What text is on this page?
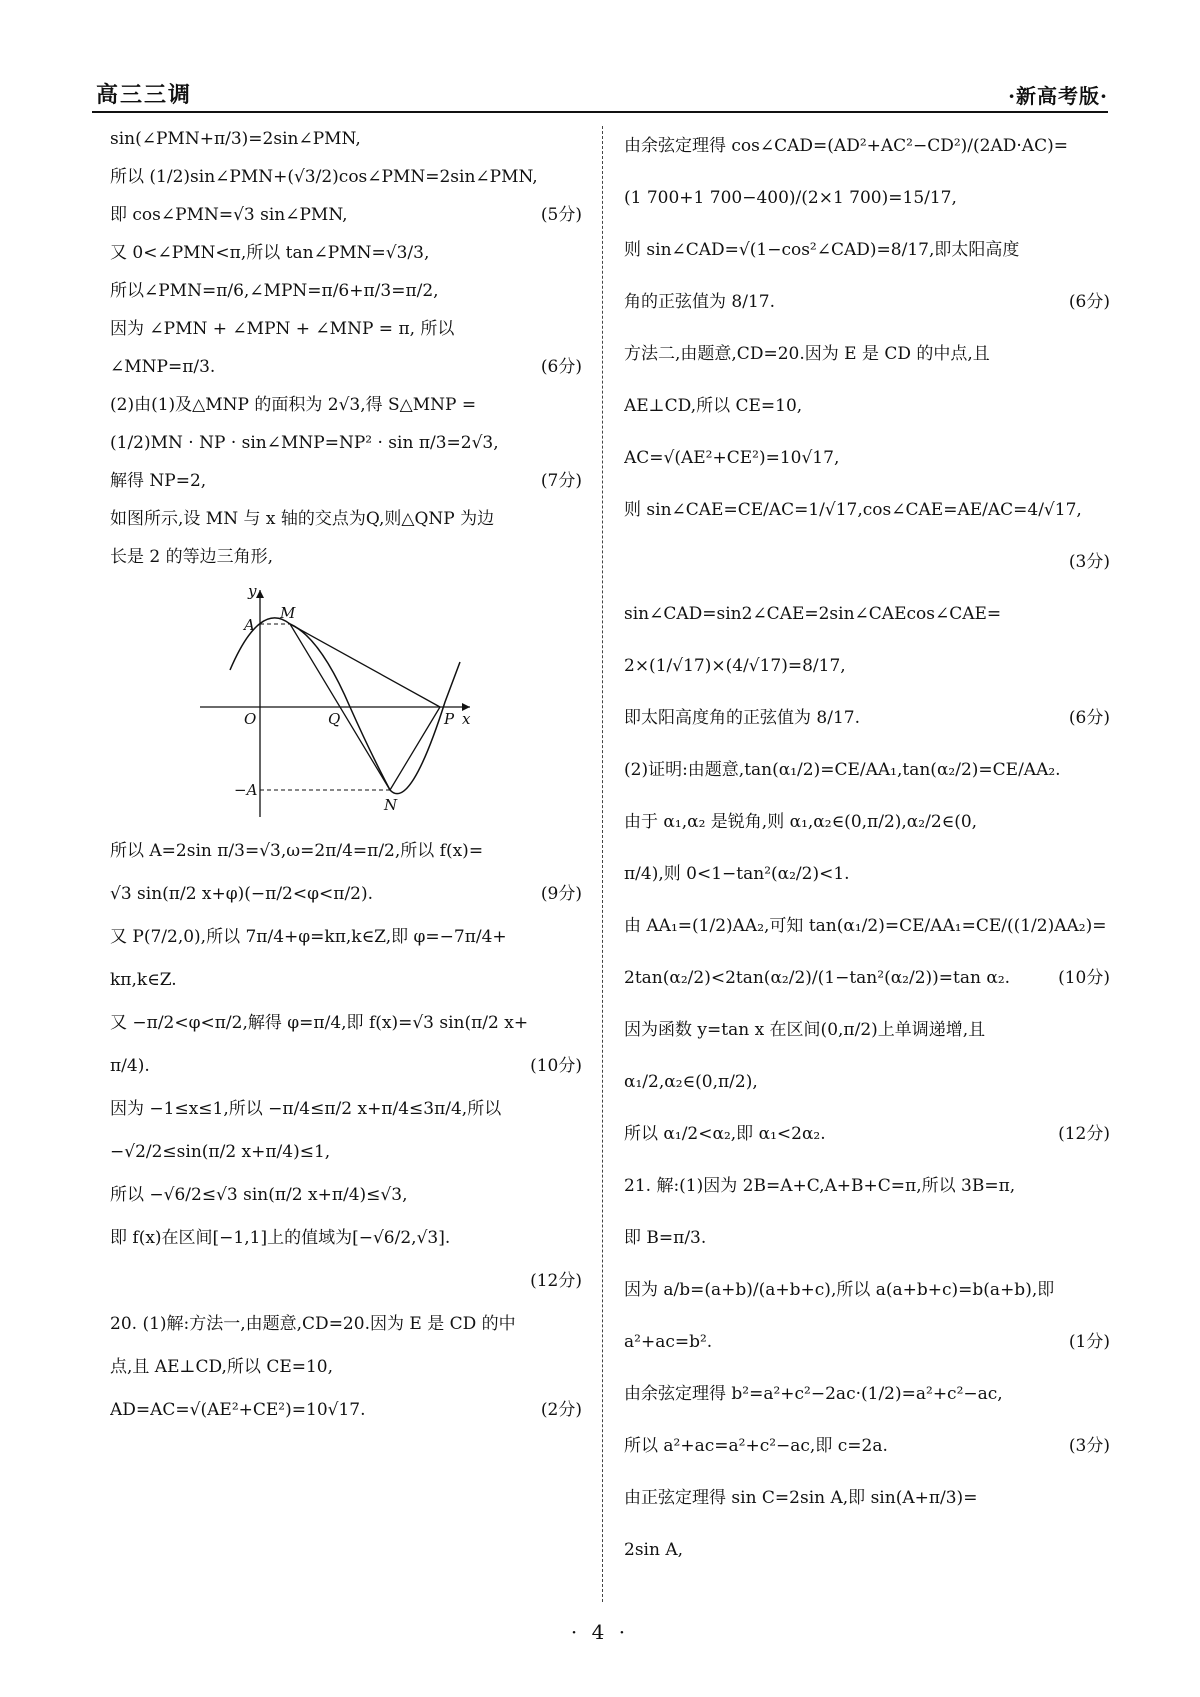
高三三调	·新高考版·
sin(∠PMN+π/3)=2sin∠PMN,
所以 (1/2)sin∠PMN+(√3/2)cos∠PMN=2sin∠PMN,
即 cos∠PMN=√3 sin∠PMN,	(5分)
又 0<∠PMN<π,所以 tan∠PMN=√3/3,
所以∠PMN=π/6,∠MPN=π/6+π/3=π/2,
因为 ∠PMN + ∠MPN + ∠MNP = π, 所以
∠MNP=π/3.	(6分)
(2)由(1)及△MNP 的面积为 2√3,得 S△MNP =
(1/2)MN · NP · sin∠MNP=NP² · sin π/3=2√3,
解得 NP=2,	(7分)
如图所示,设 MN 与 x 轴的交点为Q,则△QNP 为边
长是 2 的等边三角形,
y
M
A
O	Q	P x
−A
N
所以 A=2sin π/3=√3,ω=2π/4=π/2,所以 f(x)=
√3 sin(π/2 x+φ)(−π/2<φ<π/2).	(9分)
又 P(7/2,0),所以 7π/4+φ=kπ,k∈Z,即 φ=−7π/4+
kπ,k∈Z.
又 −π/2<φ<π/2,解得 φ=π/4,即 f(x)=√3 sin(π/2 x+
π/4).	(10分)
因为 −1≤x≤1,所以 −π/4≤π/2 x+π/4≤3π/4,所以
−√2/2≤sin(π/2 x+π/4)≤1,
所以 −√6/2≤√3 sin(π/2 x+π/4)≤√3,
即 f(x)在区间[−1,1]上的值域为[−√6/2,√3].
(12分)
20. (1)解:方法一,由题意,CD=20.因为 E 是 CD 的中
点,且 AE⊥CD,所以 CE=10,
AD=AC=√(AE²+CE²)=10√17.	(2分)
由余弦定理得 cos∠CAD=(AD²+AC²−CD²)/(2AD·AC)=
(1 700+1 700−400)/(2×1 700)=15/17,
则 sin∠CAD=√(1−cos²∠CAD)=8/17,即太阳高度
角的正弦值为 8/17.	(6分)
方法二,由题意,CD=20.因为 E 是 CD 的中点,且
AE⊥CD,所以 CE=10,
AC=√(AE²+CE²)=10√17,
则 sin∠CAE=CE/AC=1/√17,cos∠CAE=AE/AC=4/√17,
(3分)
sin∠CAD=sin2∠CAE=2sin∠CAEcos∠CAE=
2×(1/√17)×(4/√17)=8/17,
即太阳高度角的正弦值为 8/17.	(6分)
(2)证明:由题意,tan(α₁/2)=CE/AA₁,tan(α₂/2)=CE/AA₂.
由于 α₁,α₂ 是锐角,则 α₁,α₂∈(0,π/2),α₂/2∈(0,
π/4),则 0<1−tan²(α₂/2)<1.
由 AA₁=(1/2)AA₂,可知 tan(α₁/2)=CE/AA₁=CE/((1/2)AA₂)=
2tan(α₂/2)<2tan(α₂/2)/(1−tan²(α₂/2))=tan α₂.	(10分)
因为函数 y=tan x 在区间(0,π/2)上单调递增,且
α₁/2,α₂∈(0,π/2),
所以 α₁/2<α₂,即 α₁<2α₂.	(12分)
21. 解:(1)因为 2B=A+C,A+B+C=π,所以 3B=π,
即 B=π/3.
因为 a/b=(a+b)/(a+b+c),所以 a(a+b+c)=b(a+b),即
a²+ac=b².	(1分)
由余弦定理得 b²=a²+c²−2ac·(1/2)=a²+c²−ac,
所以 a²+ac=a²+c²−ac,即 c=2a.	(3分)
由正弦定理得 sin C=2sin A,即 sin(A+π/3)=
2sin A,
· 4 ·
